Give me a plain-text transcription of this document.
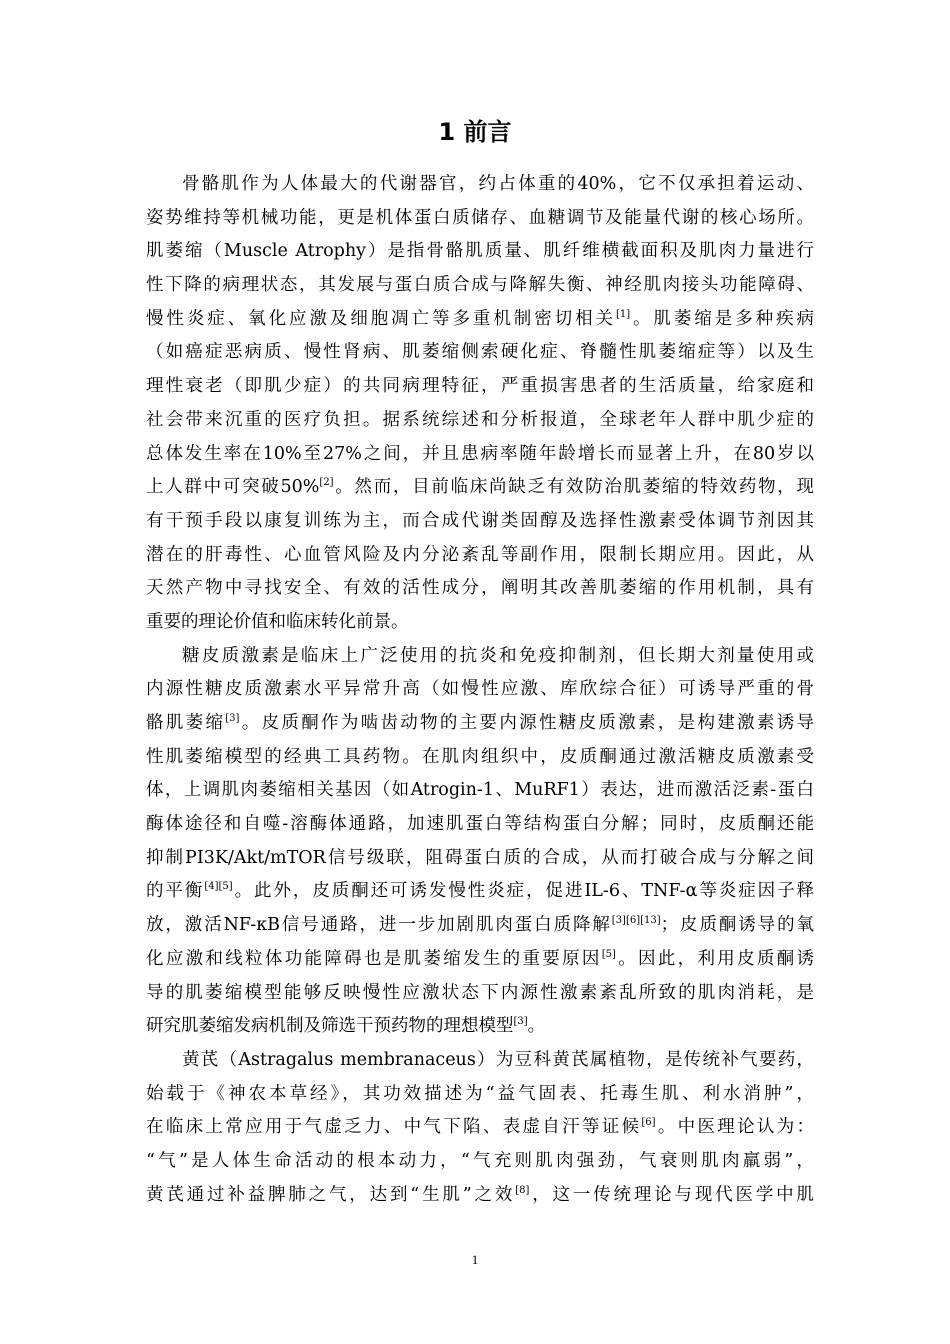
1 前言
骨骼肌作为人体最大的代谢器官，约占体重的40%，它不仅承担着运动、
姿势维持等机械功能，更是机体蛋白质储存、血糖调节及能量代谢的核心场所。
肌萎缩（Muscle Atrophy）是指骨骼肌质量、肌纤维横截面积及肌肉力量进行
性下降的病理状态，其发展与蛋白质合成与降解失衡、神经肌肉接头功能障碍、
慢性炎症、氧化应激及细胞凋亡等多重机制密切相关[1]。肌萎缩是多种疾病
（如癌症恶病质、慢性肾病、肌萎缩侧索硬化症、脊髓性肌萎缩症等）以及生
理性衰老（即肌少症）的共同病理特征，严重损害患者的生活质量，给家庭和
社会带来沉重的医疗负担。据系统综述和分析报道，全球老年人群中肌少症的
总体发生率在10%至27%之间，并且患病率随年龄增长而显著上升，在80岁以
上人群中可突破50%[2]。然而，目前临床尚缺乏有效防治肌萎缩的特效药物，现
有干预手段以康复训练为主，而合成代谢类固醇及选择性激素受体调节剂因其
潜在的肝毒性、心血管风险及内分泌紊乱等副作用，限制长期应用。因此，从
天然产物中寻找安全、有效的活性成分，阐明其改善肌萎缩的作用机制，具有
重要的理论价值和临床转化前景。
糖皮质激素是临床上广泛使用的抗炎和免疫抑制剂，但长期大剂量使用或
内源性糖皮质激素水平异常升高（如慢性应激、库欣综合征）可诱导严重的骨
骼肌萎缩[3]。皮质酮作为啮齿动物的主要内源性糖皮质激素，是构建激素诱导
性肌萎缩模型的经典工具药物。在肌肉组织中，皮质酮通过激活糖皮质激素受
体，上调肌肉萎缩相关基因（如Atrogin-1、MuRF1）表达，进而激活泛素-蛋白
酶体途径和自噬-溶酶体通路，加速肌蛋白等结构蛋白分解；同时，皮质酮还能
抑制PI3K/Akt/mTOR信号级联，阻碍蛋白质的合成，从而打破合成与分解之间
的平衡[4][5]。此外，皮质酮还可诱发慢性炎症，促进IL-6、TNF-α等炎症因子释
放，激活NF-κB信号通路，进一步加剧肌肉蛋白质降解[3][6][13]；皮质酮诱导的氧
化应激和线粒体功能障碍也是肌萎缩发生的重要原因[5]。因此，利用皮质酮诱
导的肌萎缩模型能够反映慢性应激状态下内源性激素紊乱所致的肌肉消耗，是
研究肌萎缩发病机制及筛选干预药物的理想模型[3]。
黄芪（Astragalus membranaceus）为豆科黄芪属植物，是传统补气要药，
始载于《神农本草经》，其功效描述为“益气固表、托毒生肌、利水消肿”，
在临床上常应用于气虚乏力、中气下陷、表虚自汗等证候[6]。中医理论认为：
“气”是人体生命活动的根本动力，“气充则肌肉强劲，气衰则肌肉羸弱”，
黄芪通过补益脾肺之气，达到“生肌”之效[8]，这一传统理论与现代医学中肌
1
